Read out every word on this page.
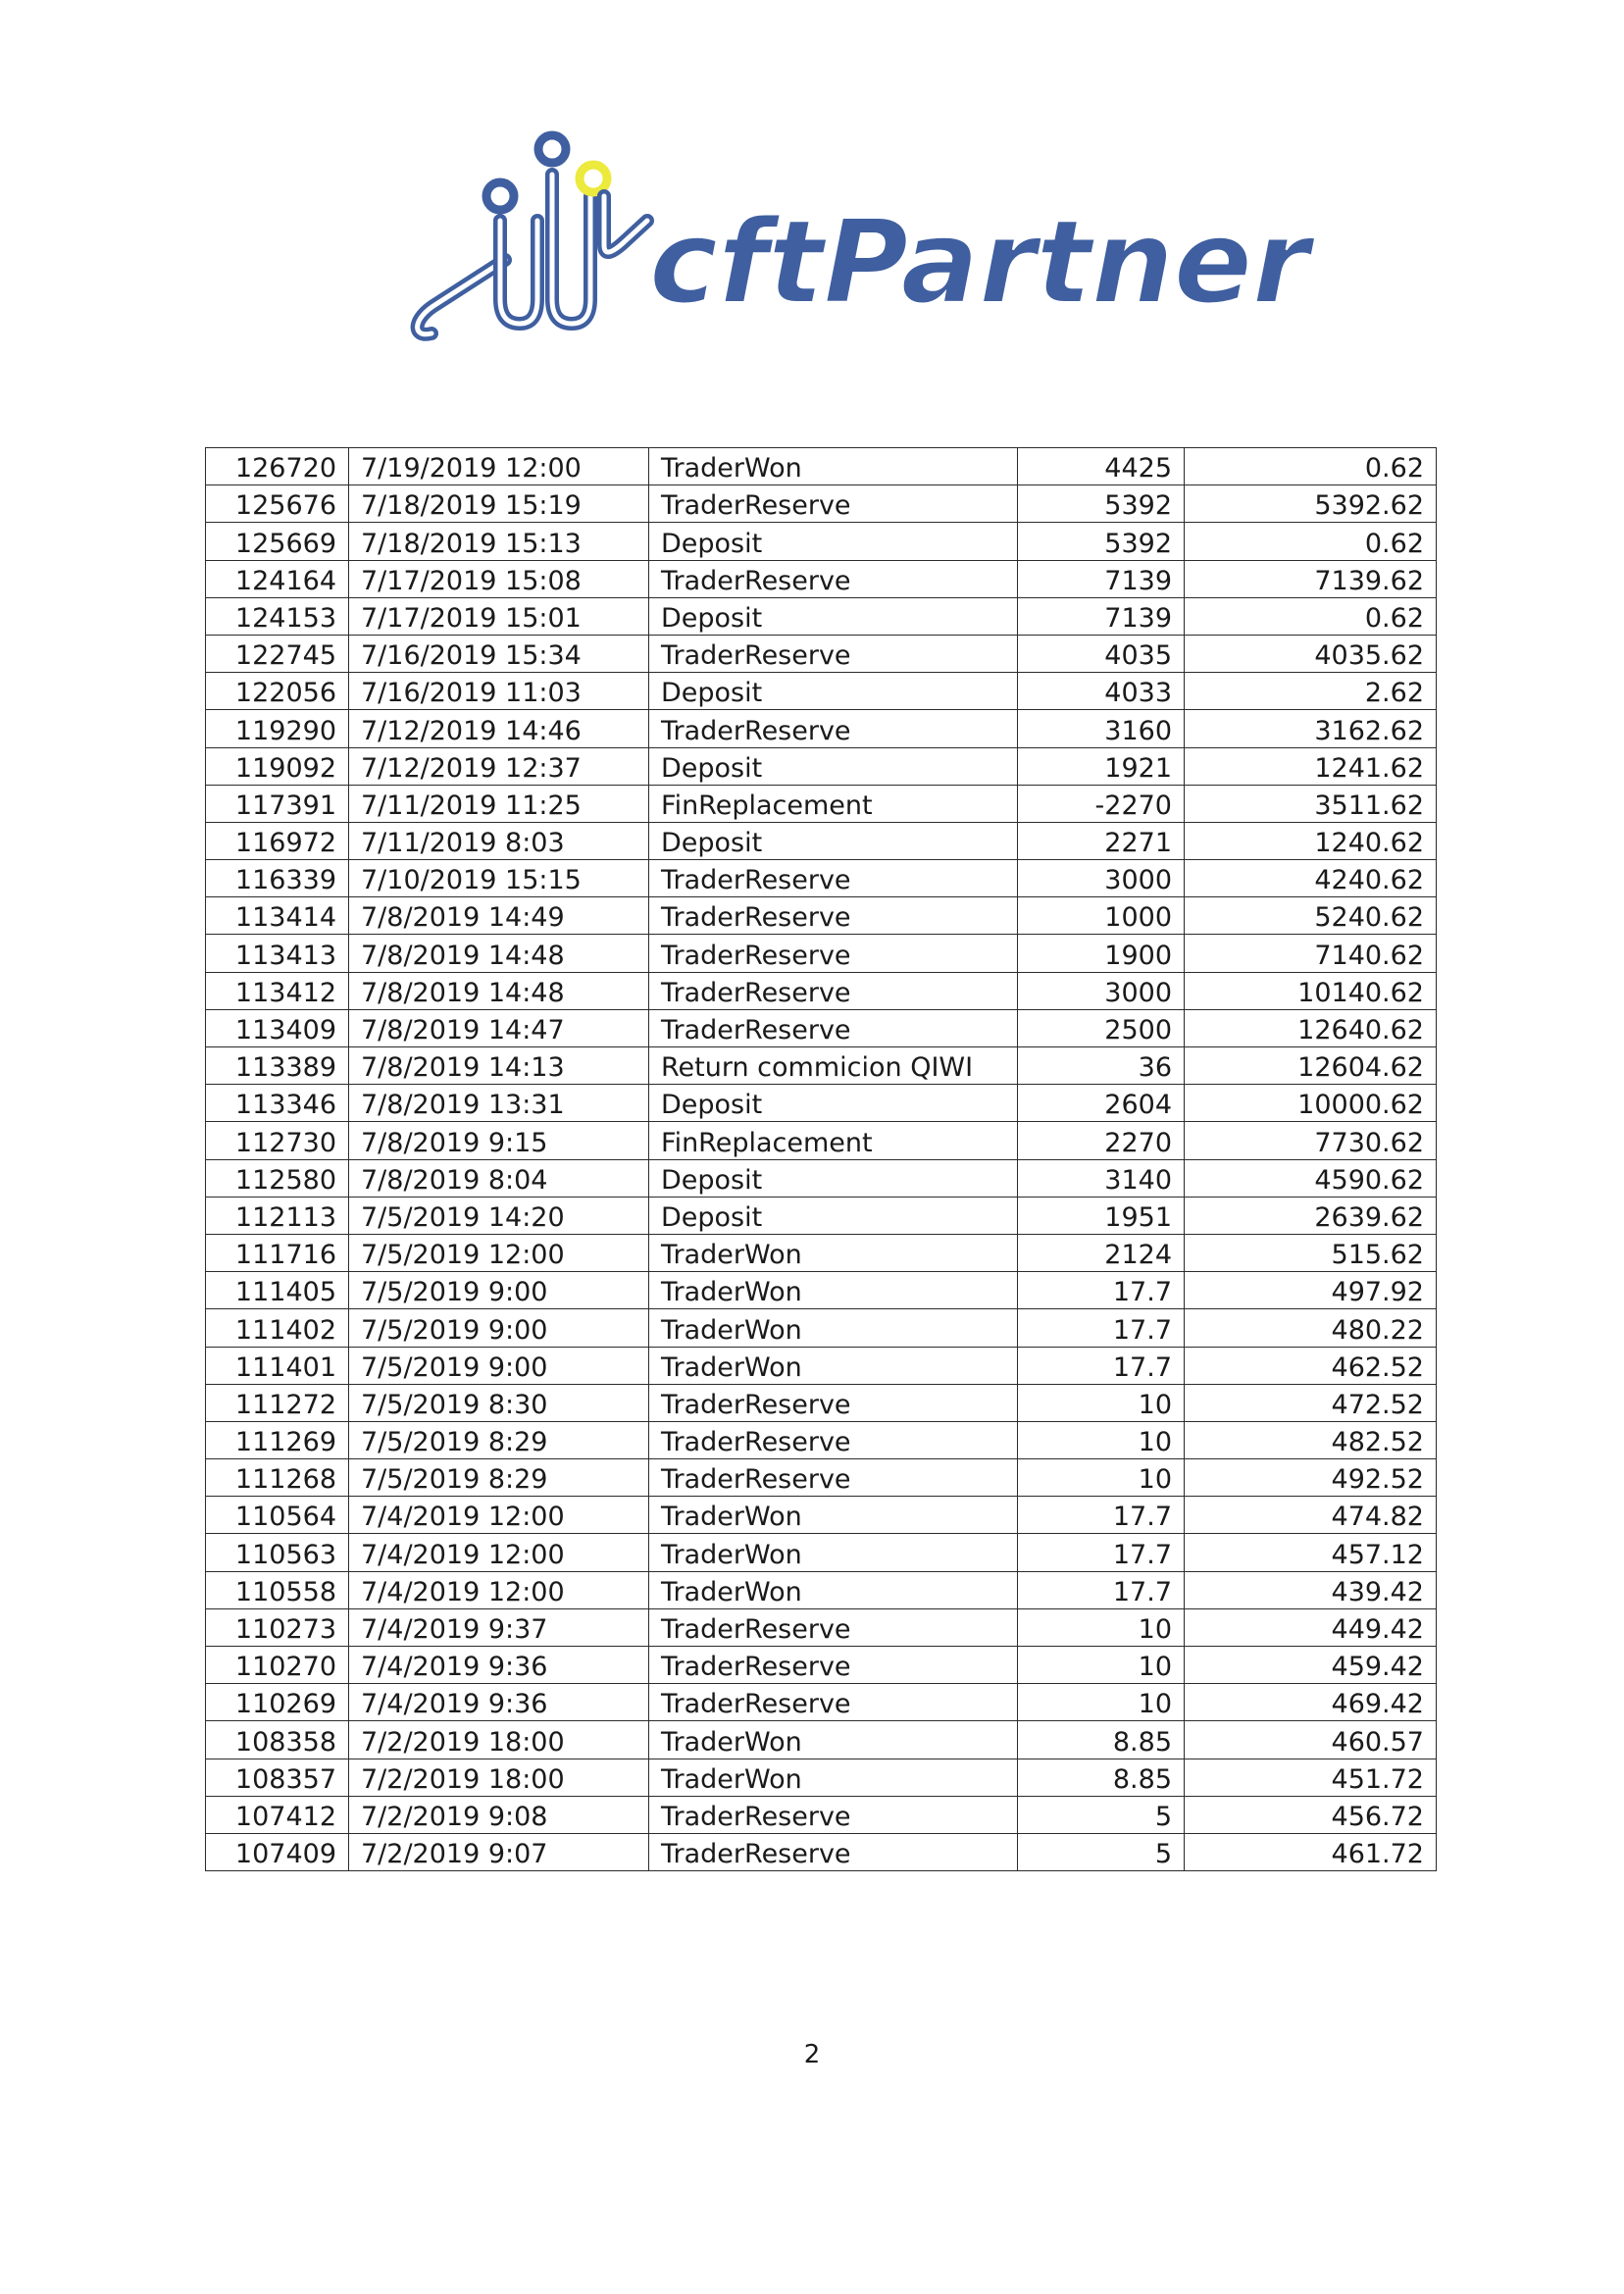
cftPartner
126720	7/19/2019 12:00	TraderWon	4425	0.62
125676	7/18/2019 15:19	TraderReserve	5392	5392.62
125669	7/18/2019 15:13	Deposit	5392	0.62
124164	7/17/2019 15:08	TraderReserve	7139	7139.62
124153	7/17/2019 15:01	Deposit	7139	0.62
122745	7/16/2019 15:34	TraderReserve	4035	4035.62
122056	7/16/2019 11:03	Deposit	4033	2.62
119290	7/12/2019 14:46	TraderReserve	3160	3162.62
119092	7/12/2019 12:37	Deposit	1921	1241.62
117391	7/11/2019 11:25	FinReplacement	-2270	3511.62
116972	7/11/2019 8:03	Deposit	2271	1240.62
116339	7/10/2019 15:15	TraderReserve	3000	4240.62
113414	7/8/2019 14:49	TraderReserve	1000	5240.62
113413	7/8/2019 14:48	TraderReserve	1900	7140.62
113412	7/8/2019 14:48	TraderReserve	3000	10140.62
113409	7/8/2019 14:47	TraderReserve	2500	12640.62
113389	7/8/2019 14:13	Return commicion QIWI	36	12604.62
113346	7/8/2019 13:31	Deposit	2604	10000.62
112730	7/8/2019 9:15	FinReplacement	2270	7730.62
112580	7/8/2019 8:04	Deposit	3140	4590.62
112113	7/5/2019 14:20	Deposit	1951	2639.62
111716	7/5/2019 12:00	TraderWon	2124	515.62
111405	7/5/2019 9:00	TraderWon	17.7	497.92
111402	7/5/2019 9:00	TraderWon	17.7	480.22
111401	7/5/2019 9:00	TraderWon	17.7	462.52
111272	7/5/2019 8:30	TraderReserve	10	472.52
111269	7/5/2019 8:29	TraderReserve	10	482.52
111268	7/5/2019 8:29	TraderReserve	10	492.52
110564	7/4/2019 12:00	TraderWon	17.7	474.82
110563	7/4/2019 12:00	TraderWon	17.7	457.12
110558	7/4/2019 12:00	TraderWon	17.7	439.42
110273	7/4/2019 9:37	TraderReserve	10	449.42
110270	7/4/2019 9:36	TraderReserve	10	459.42
110269	7/4/2019 9:36	TraderReserve	10	469.42
108358	7/2/2019 18:00	TraderWon	8.85	460.57
108357	7/2/2019 18:00	TraderWon	8.85	451.72
107412	7/2/2019 9:08	TraderReserve	5	456.72
107409	7/2/2019 9:07	TraderReserve	5	461.72
2
